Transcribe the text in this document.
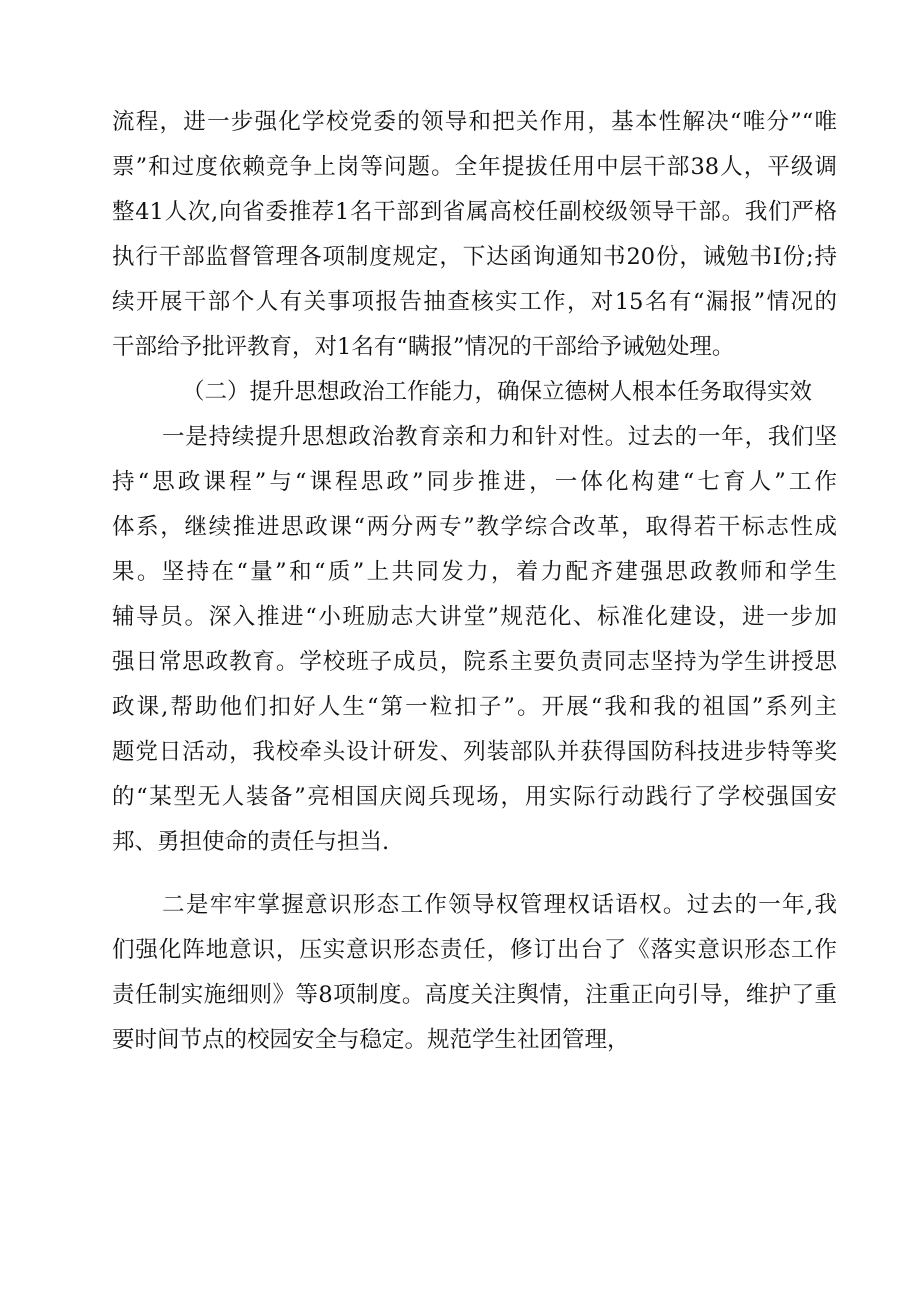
流程，进一步强化学校党委的领导和把关作用，基本性解决“唯分”“唯
票”和过度依赖竞争上岗等问题。全年提拔任用中层干部38人，平级调
整41人次,向省委推荐1名干部到省属高校任副校级领导干部。我们严格
执行干部监督管理各项制度规定，下达函询通知书20份，诫勉书I份;持
续开展干部个人有关事项报告抽查核实工作，对15名有“漏报”情况的
干部给予批评教育，对1名有“瞒报”情况的干部给予诫勉处理。
（二）提升思想政治工作能力，确保立德树人根本任务取得实效
一是持续提升思想政治教育亲和力和针对性。过去的一年，我们坚
持“思政课程”与“课程思政”同步推进，一体化构建“七育人”工作
体系，继续推进思政课“两分两专”教学综合改革，取得若干标志性成
果。坚持在“量”和“质”上共同发力，着力配齐建强思政教师和学生
辅导员。深入推进“小班励志大讲堂”规范化、标准化建设，进一步加
强日常思政教育。学校班子成员，院系主要负责同志坚持为学生讲授思
政课,帮助他们扣好人生“第一粒扣子”。开展“我和我的祖国”系列主
题党日活动，我校牵头设计研发、列装部队并获得国防科技进步特等奖
的“某型无人装备”亮相国庆阅兵现场，用实际行动践行了学校强国安
邦、勇担使命的责任与担当.
二是牢牢掌握意识形态工作领导权管理权话语权。过去的一年,我
们强化阵地意识，压实意识形态责任，修订出台了《落实意识形态工作
责任制实施细则》等8项制度。高度关注舆情，注重正向引导，维护了重
要时间节点的校园安全与稳定。规范学生社团管理，
